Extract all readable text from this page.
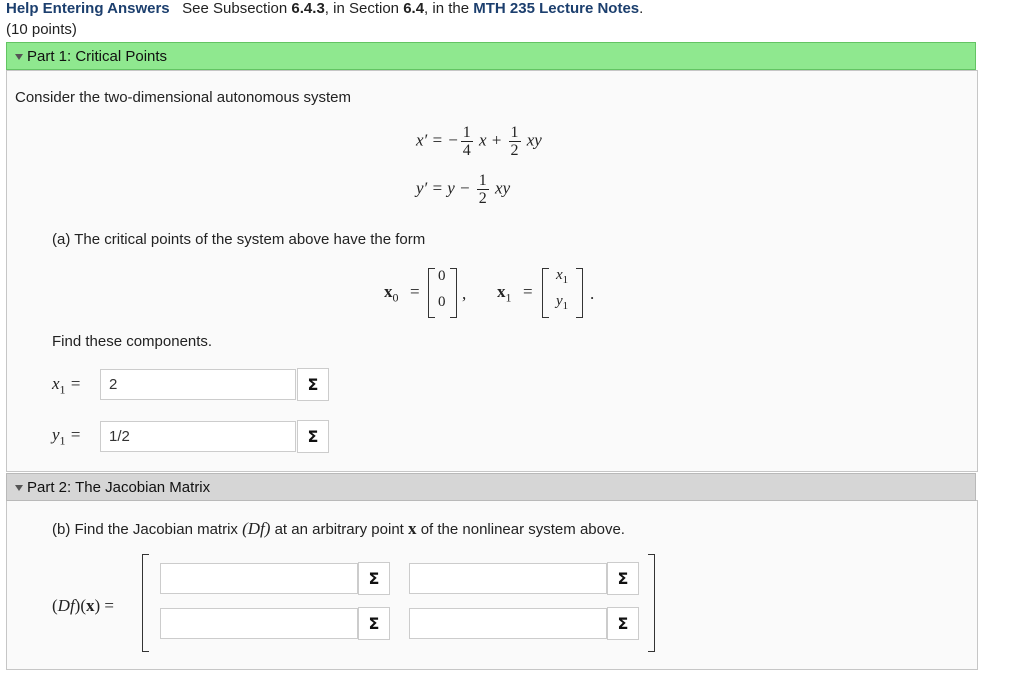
Help Entering Answers See Subsection 6.4.3, in Section 6.4, in the MTH 235 Lecture Notes.
(10 points)
Part 1: Critical Points
Consider the two-dimensional autonomous system
x′ = − $\frac{1}{4}$ $x + \frac{1}{2}$ xy
$y' = y - \frac{1}{2}$ xy
(a) The critical points of the system above have the form
$x_0$ =
0
0 , $x_1$ =
$x_1$
$y_1$
.
Find these components.
$x_1$ =
2	Σ
$y_1$ =
1/2	Σ
Part 2: The Jacobian Matrix
(b) Find the Jacobian matrix (Df) at an arbitrary point x of the nonlinear system above.
(Df)(x) =
Σ	Σ
Σ	Σ
